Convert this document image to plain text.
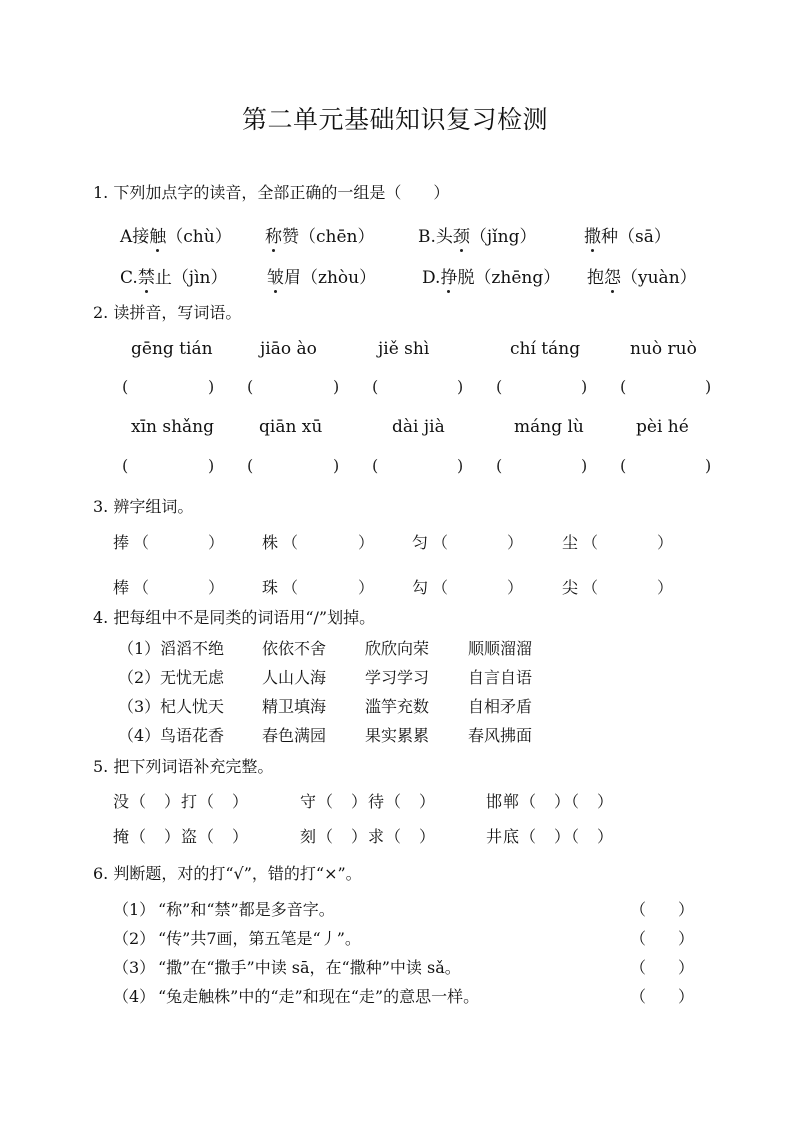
第二单元基础知识复习检测
1. 下列加点字的读音，全部正确的一组是（　　）
A接触（chù） 称赞（chēn）	B.头颈（jǐng）	撒种（sā）
C.禁止（jìn） 皱眉（zhòu）	D.挣脱（zhēng） 抱怨（yuàn）
2. 读拼音，写词语。
gēng tián	jiāo ào	jiě shì	chí táng	nuò ruò
(	) (	) (	) (	) (	)
xīn shǎng	qiān xū	dài jià	máng lù	pèi hé
(	) (	) (	) (	) (	)
3. 辨字组词。
捧 （	） 株 （	） 匀 （	） 尘 （	）
棒 （	） 珠 （	） 勾 （	） 尖 （	）
4. 把每组中不是同类的词语用“/”划掉。
（1） 滔滔不绝 依依不舍 欣欣向荣 顺顺溜溜
（2） 无忧无虑 人山人海 学习学习 自言自语
（3） 杞人忧天 精卫填海 滥竽充数 自相矛盾
（4） 鸟语花香 春色满园 果实累累 春风拂面
5. 把下列词语补充完整。
没（　）打（　）	守（　）待（　）	邯郸（　）（　）
掩（　）盗（　）	刻（　）求（　）	井底（　）（　）
6. 判断题，对的打“√”，错的打“×”。
（1） “称”和“禁”都是多音字。	（　　）
（2） “传”共7画，第五笔是“丿”。	（　　）
（3） “撒”在“撒手”中读 sā，在“撒种”中读 sǎ。	（　　）
（4） “兔走触株”中的“走”和现在“走”的意思一样。	（　　）
